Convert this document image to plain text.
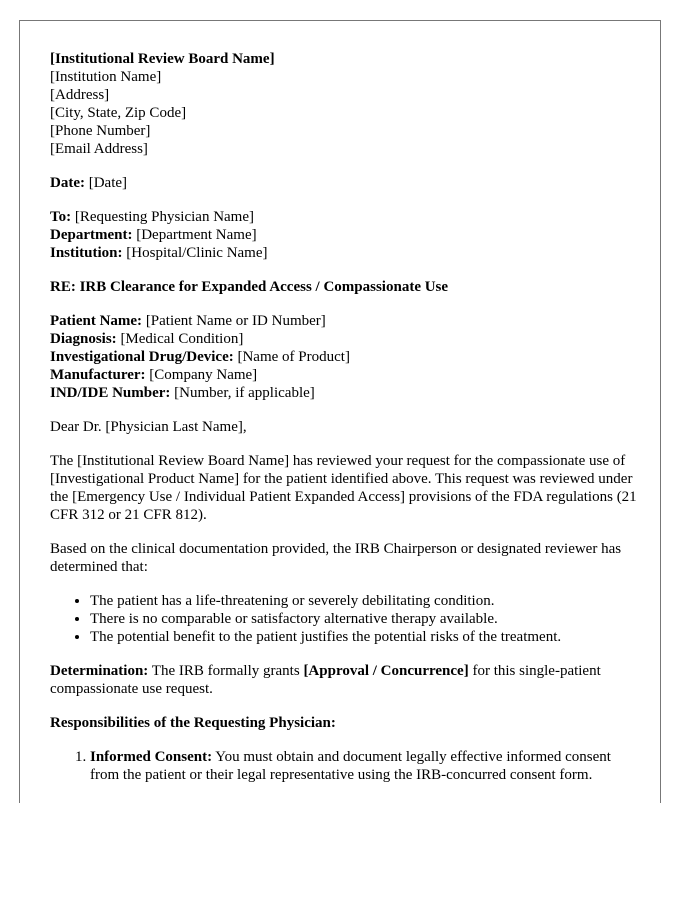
[Institutional Review Board Name]
[Institution Name]
[Address]
[City, State, Zip Code]
[Phone Number]
[Email Address]

Date: [Date]

To: [Requesting Physician Name]
Department: [Department Name]
Institution: [Hospital/Clinic Name]

RE: IRB Clearance for Expanded Access / Compassionate Use

Patient Name: [Patient Name or ID Number]
Diagnosis: [Medical Condition]
Investigational Drug/Device: [Name of Product]
Manufacturer: [Company Name]
IND/IDE Number: [Number, if applicable]

Dear Dr. [Physician Last Name],

The [Institutional Review Board Name] has reviewed your request for the compassionate use of [Investigational Product Name] for the patient identified above. This request was reviewed under the [Emergency Use / Individual Patient Expanded Access] provisions of the FDA regulations (21 CFR 312 or 21 CFR 812).

Based on the clinical documentation provided, the IRB Chairperson or designated reviewer has determined that:

• The patient has a life-threatening or severely debilitating condition.
• There is no comparable or satisfactory alternative therapy available.
• The potential benefit to the patient justifies the potential risks of the treatment.

Determination: The IRB formally grants [Approval / Concurrence] for this single-patient compassionate use request.

Responsibilities of the Requesting Physician:

1. Informed Consent: You must obtain and document legally effective informed consent from the patient or their legal representative using the IRB-concurred consent form.
